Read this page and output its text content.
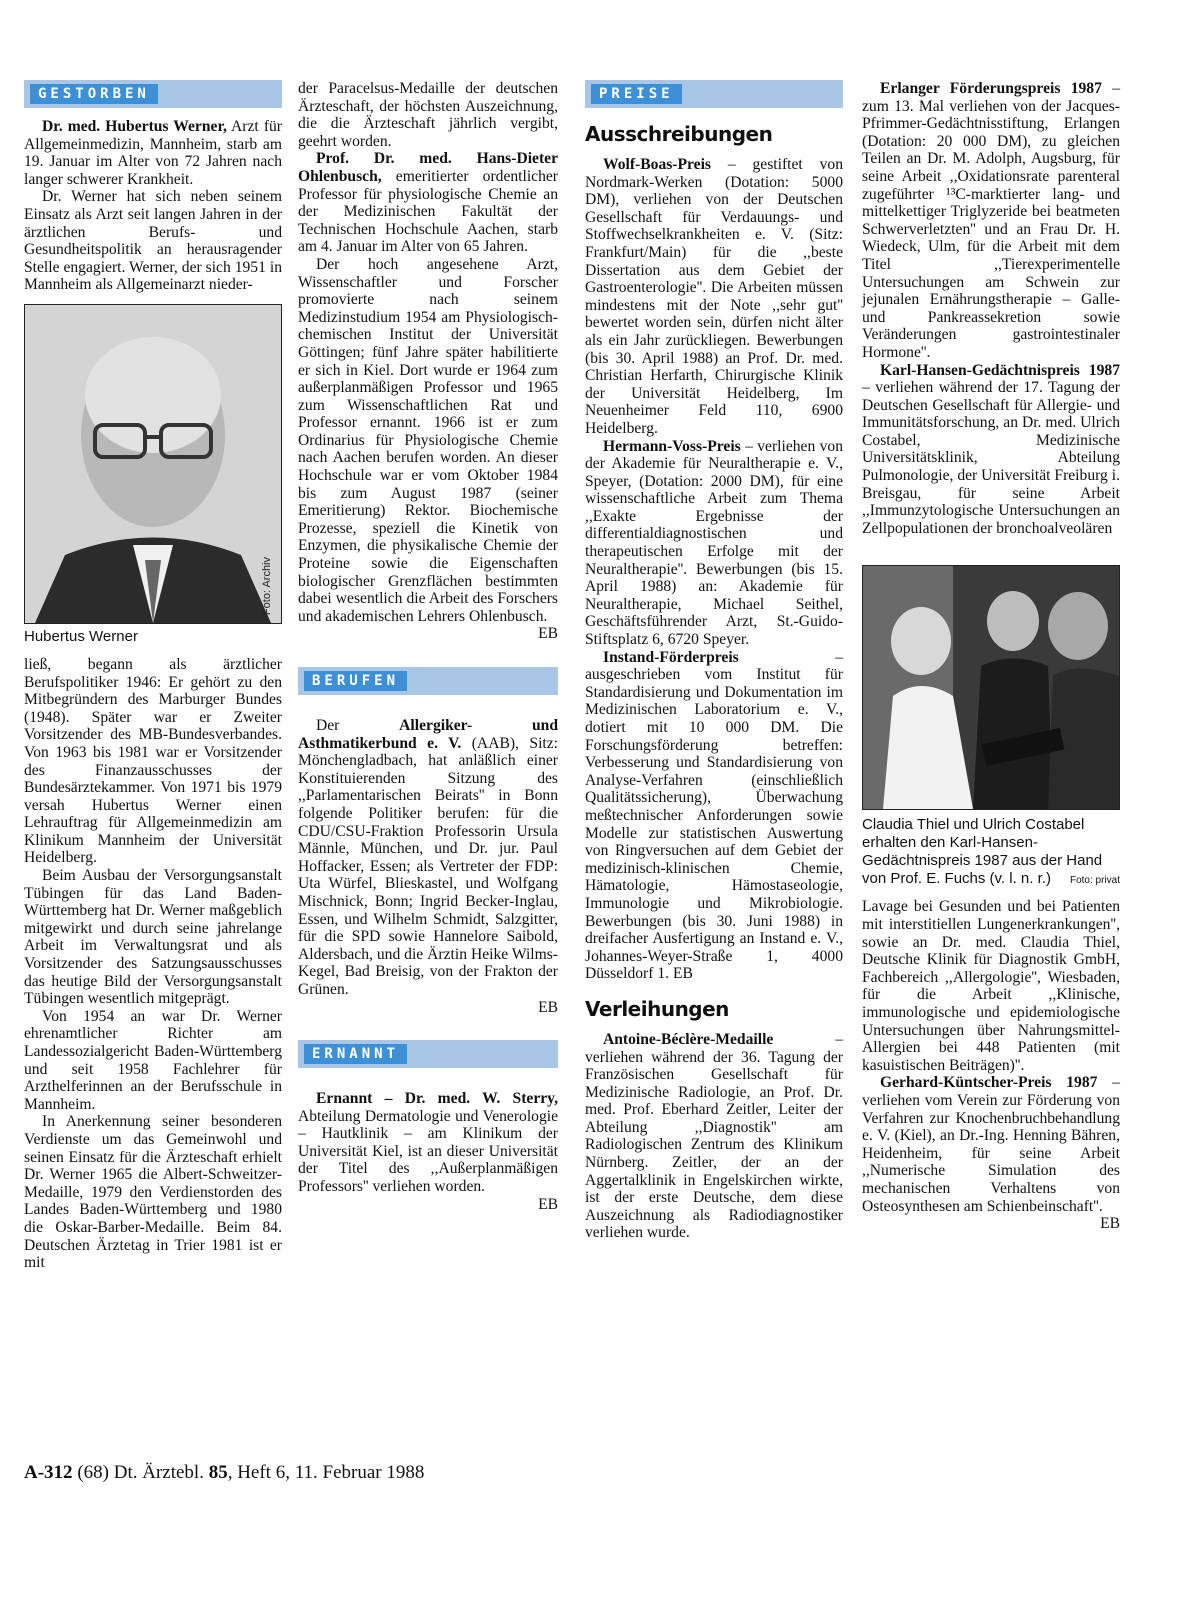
GESTORBEN

Dr. med. Hubertus Werner, Arzt für Allgemeinmedizin, Mannheim, starb am 19. Januar im Alter von 72 Jahren nach langer schwerer Krankheit.

Dr. Werner hat sich neben seinem Einsatz als Arzt seit langen Jahren in der ärztlichen Berufs- und Gesundheitspolitik an herausragender Stelle engagiert. Werner, der sich 1951 in Mannheim als Allgemeinarzt nieder-

Foto: Archiv
Hubertus Werner

ließ, begann als ärztlicher Berufspolitiker 1946: Er gehört zu den Mitbegründern des Marburger Bundes (1948). Später war er Zweiter Vorsitzender des MB-Bundesverbandes. Von 1963 bis 1981 war er Vorsitzender des Finanzausschusses der Bundesärztekammer. Von 1971 bis 1979 versah Hubertus Werner einen Lehrauftrag für Allgemeinmedizin am Klinikum Mannheim der Universität Heidelberg.

Beim Ausbau der Versorgungsanstalt Tübingen für das Land Baden-Württemberg hat Dr. Werner maßgeblich mitgewirkt und durch seine jahrelange Arbeit im Verwaltungsrat und als Vorsitzender des Satzungsausschusses das heutige Bild der Versorgungsanstalt Tübingen wesentlich mitgeprägt.

Von 1954 an war Dr. Werner ehrenamtlicher Richter am Landessozialgericht Baden-Württemberg und seit 1958 Fachlehrer für Arzthelferinnen an der Berufsschule in Mannheim.

In Anerkennung seiner besonderen Verdienste um das Gemeinwohl und seinen Einsatz für die Ärzteschaft erhielt Dr. Werner 1965 die Albert-Schweitzer-Medaille, 1979 den Verdienstorden des Landes Baden-Württemberg und 1980 die Oskar-Barber-Medaille. Beim 84. Deutschen Ärztetag in Trier 1981 ist er mit

der Paracelsus-Medaille der deutschen Ärzteschaft, der höchsten Auszeichnung, die die Ärzteschaft jährlich vergibt, geehrt worden.

Prof. Dr. med. Hans-Dieter Ohlenbusch, emeritierter ordentlicher Professor für physiologische Chemie an der Medizinischen Fakultät der Technischen Hochschule Aachen, starb am 4. Januar im Alter von 65 Jahren.

Der hoch angesehene Arzt, Wissenschaftler und Forscher promovierte nach seinem Medizinstudium 1954 am Physiologisch-chemischen Institut der Universität Göttingen; fünf Jahre später habilitierte er sich in Kiel. Dort wurde er 1964 zum außerplanmäßigen Professor und 1965 zum Wissenschaftlichen Rat und Professor ernannt. 1966 ist er zum Ordinarius für Physiologische Chemie nach Aachen berufen worden. An dieser Hochschule war er vom Oktober 1984 bis zum August 1987 (seiner Emeritierung) Rektor. Biochemische Prozesse, speziell die Kinetik von Enzymen, die physikalische Chemie der Proteine sowie die Eigenschaften biologischer Grenzflächen bestimmten dabei wesentlich die Arbeit des Forschers und akademischen Lehrers Ohlenbusch.

EB

BERUFEN

Der Allergiker- und Asthmatikerbund e. V. (AAB), Sitz: Mönchengladbach, hat anläßlich einer Konstituierenden Sitzung des ,,Parlamentarischen Beirats'' in Bonn folgende Politiker berufen: für die CDU/CSU-Fraktion Professorin Ursula Männle, München, und Dr. jur. Paul Hoffacker, Essen; als Vertreter der FDP: Uta Würfel, Blieskastel, und Wolfgang Mischnick, Bonn; Ingrid Becker-Inglau, Essen, und Wilhelm Schmidt, Salzgitter, für die SPD sowie Hannelore Saibold, Aldersbach, und die Ärztin Heike Wilms-Kegel, Bad Breisig, von der Frakton der Grünen.

EB

ERNANNT

Ernannt – Dr. med. W. Sterry, Abteilung Dermatologie und Venerologie – Hautklinik – am Klinikum der Universität Kiel, ist an dieser Universität der Titel des ,,Außerplanmäßigen Professors'' verliehen worden.

EB

PREISE
Ausschreibungen

Wolf-Boas-Preis – gestiftet von Nordmark-Werken (Dotation: 5000 DM), verliehen von der Deutschen Gesellschaft für Verdauungs- und Stoffwechselkrankheiten e. V. (Sitz: Frankfurt/Main) für die ,,beste Dissertation aus dem Gebiet der Gastroenterologie''. Die Arbeiten müssen mindestens mit der Note ,,sehr gut'' bewertet worden sein, dürfen nicht älter als ein Jahr zurückliegen. Bewerbungen (bis 30. April 1988) an Prof. Dr. med. Christian Herfarth, Chirurgische Klinik der Universität Heidelberg, Im Neuenheimer Feld 110, 6900 Heidelberg.

Hermann-Voss-Preis – verliehen von der Akademie für Neuraltherapie e. V., Speyer, (Dotation: 2000 DM), für eine wissenschaftliche Arbeit zum Thema ,,Exakte Ergebnisse der differentialdiagnostischen und therapeutischen Erfolge mit der Neuraltherapie''. Bewerbungen (bis 15. April 1988) an: Akademie für Neuraltherapie, Michael Seithel, Geschäftsführender Arzt, St.-Guido-Stiftsplatz 6, 6720 Speyer.

Instand-Förderpreis – ausgeschrieben vom Institut für Standardisierung und Dokumentation im Medizinischen Laboratorium e. V., dotiert mit 10 000 DM. Die Forschungsförderung betreffen: Verbesserung und Standardisierung von Analyse-Verfahren (einschließlich Qualitätssicherung), Überwachung meßtechnischer Anforderungen sowie Modelle zur statistischen Auswertung von Ringversuchen auf dem Gebiet der medizinisch-klinischen Chemie, Hämatologie, Hämostaseologie, Immunologie und Mikrobiologie. Bewerbungen (bis 30. Juni 1988) in dreifacher Ausfertigung an Instand e. V., Johannes-Weyer-Straße 1, 4000 Düsseldorf 1. EB

Verleihungen

Antoine-Béclère-Medaille – verliehen während der 36. Tagung der Französischen Gesellschaft für Medizinische Radiologie, an Prof. Dr. med. Prof. Eberhard Zeitler, Leiter der Abteilung ,,Diagnostik'' am Radiologischen Zentrum des Klinikum Nürnberg. Zeitler, der an der Aggertalklinik in Engelskirchen wirkte, ist der erste Deutsche, dem diese Auszeichnung als Radiodiagnostiker verliehen wurde.

Erlanger Förderungspreis 1987 – zum 13. Mal verliehen von der Jacques-Pfrimmer-Gedächtnisstiftung, Erlangen (Dotation: 20 000 DM), zu gleichen Teilen an Dr. M. Adolph, Augsburg, für seine Arbeit ,,Oxidationsrate parenteral zugeführter ¹³C-marktierter lang- und mittelkettiger Triglyzeride bei beatmeten Schwerverletzten'' und an Frau Dr. H. Wiedeck, Ulm, für die Arbeit mit dem Titel ,,Tierexperimentelle Untersuchungen am Schwein zur jejunalen Ernährungstherapie – Galle- und Pankreassekretion sowie Veränderungen gastrointestinaler Hormone''.

Karl-Hansen-Gedächtnispreis 1987 – verliehen während der 17. Tagung der Deutschen Gesellschaft für Allergie- und Immunitätsforschung, an Dr. med. Ulrich Costabel, Medizinische Universitätsklinik, Abteilung Pulmonologie, der Universität Freiburg i. Breisgau, für seine Arbeit ,,Immunzytologische Untersuchungen an Zellpopulationen der bronchoalveolären

Claudia Thiel und Ulrich Costabel erhalten den Karl-Hansen-Gedächtnispreis 1987 aus der Hand von Prof. E. Fuchs (v. l. n. r.) Foto: privat

Lavage bei Gesunden und bei Patienten mit interstitiellen Lungenerkrankungen'', sowie an Dr. med. Claudia Thiel, Deutsche Klinik für Diagnostik GmbH, Fachbereich ,,Allergologie'', Wiesbaden, für die Arbeit ,,Klinische, immunologische und epidemiologische Untersuchungen über Nahrungsmittel-Allergien bei 448 Patienten (mit kasuistischen Beiträgen)''.

Gerhard-Küntscher-Preis 1987 – verliehen vom Verein zur Förderung von Verfahren zur Knochenbruchbehandlung e. V. (Kiel), an Dr.-Ing. Henning Bähren, Heidenheim, für seine Arbeit ,,Numerische Simulation des mechanischen Verhaltens von Osteosynthesen am Schienbeinschaft''.

EB

A-312 (68) Dt. Ärztebl. 85, Heft 6, 11. Februar 1988
